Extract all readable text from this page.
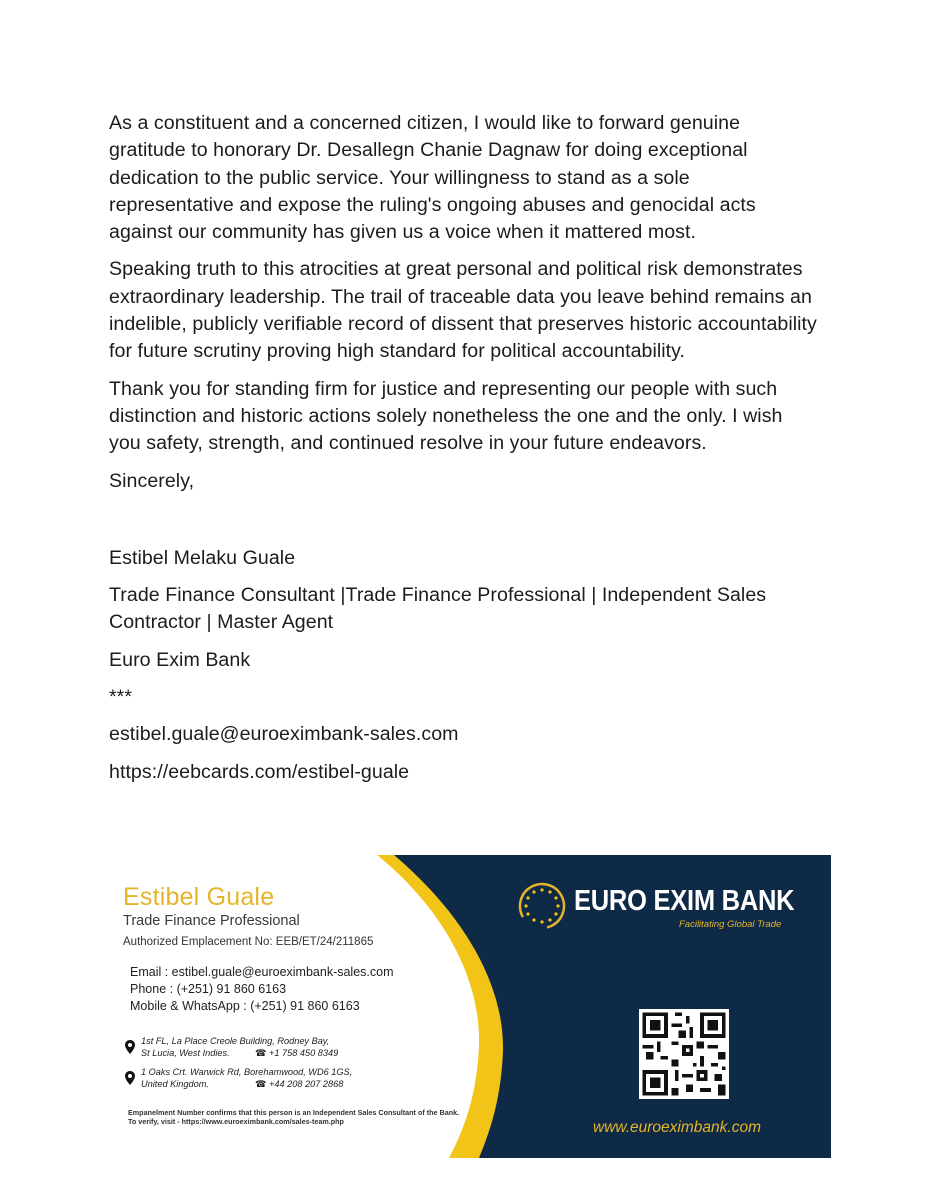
As a constituent and a concerned citizen, I would like to forward genuine gratitude to honorary Dr. Desallegn Chanie Dagnaw for doing exceptional dedication to the public service. Your willingness to stand as a sole representative and expose the ruling's ongoing abuses and genocidal acts against our community has given us a voice when it mattered most.

Speaking truth to this atrocities at great personal and political risk demonstrates extraordinary leadership. The trail of traceable data you leave behind remains an indelible, publicly verifiable record of dissent that preserves historic accountability for future scrutiny proving high standard for political accountability.

Thank you for standing firm for justice and representing our people with such distinction and historic actions solely nonetheless the one and the only. I wish you safety, strength, and continued resolve in your future endeavors.

Sincerely,

Estibel Melaku Guale

Trade Finance Consultant |Trade Finance Professional | Independent Sales Contractor | Master Agent

Euro Exim Bank

***

estibel.guale@euroeximbank-sales.com

https://eebcards.com/estibel-guale

Estibel Guale
Trade Finance Professional
Authorized Emplacement No: EEB/ET/24/211865
Email : estibel.guale@euroeximbank-sales.com
Phone : (+251) 91 860 6163
Mobile & WhatsApp : (+251) 91 860 6163
1st FL, La Place Creole Building, Rodney Bay,
St Lucia, West Indies.	☎ +1 758 450 8349
1 Oaks Crt. Warwick Rd, Borehamwood, WD6 1GS,
United Kingdom.	☎ +44 208 207 2868
Empanelment Number confirms that this person is an Independent Sales Consultant of the Bank.
To verify, visit - https://www.euroeximbank.com/sales-team.php
EURO EXIM BANK
Facilitating Global Trade
www.euroeximbank.com
